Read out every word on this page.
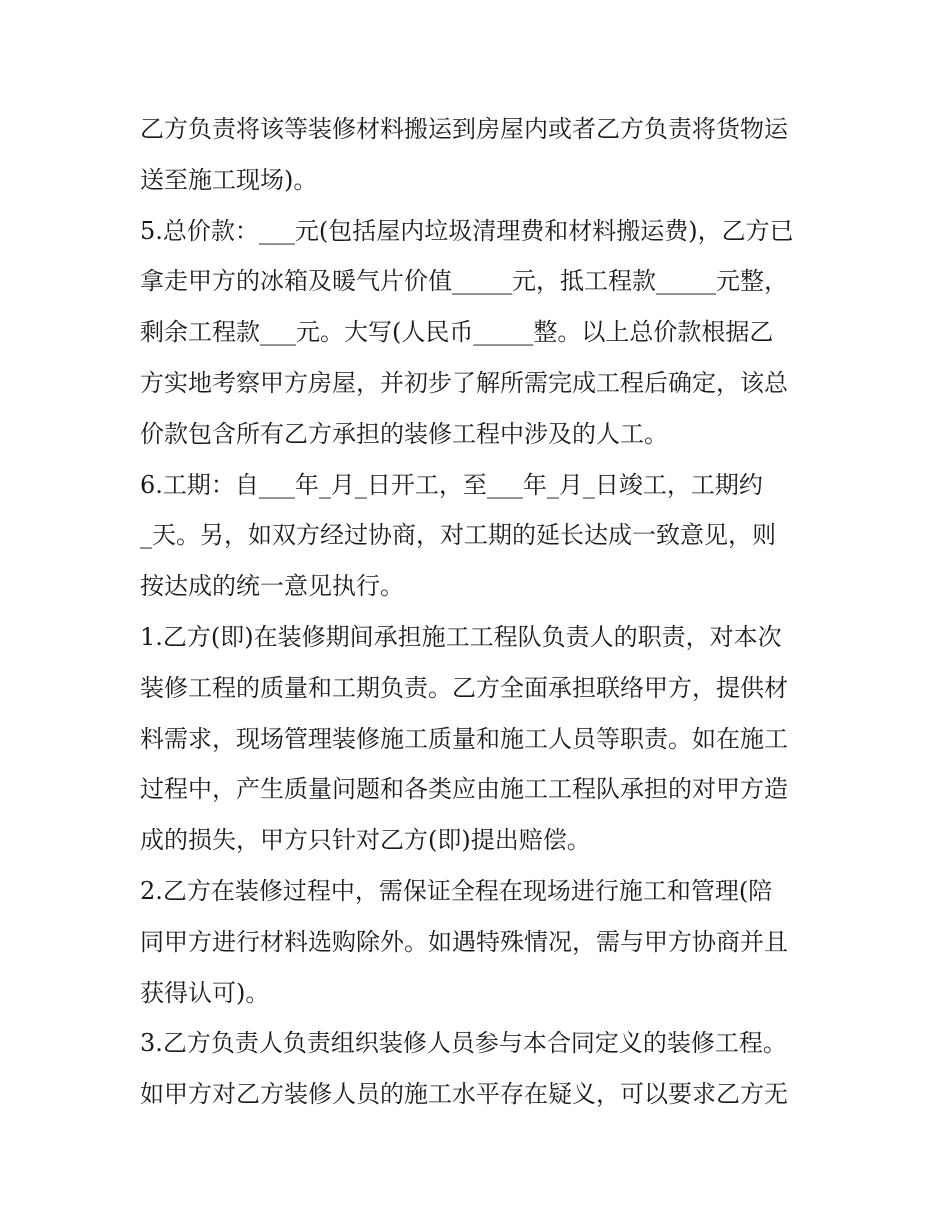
乙方负责将该等装修材料搬运到房屋内或者乙方负责将货物运
送至施工现场)。
5.总价款：___元(包括屋内垃圾清理费和材料搬运费)，乙方已
拿走甲方的冰箱及暖气片价值_____元，抵工程款_____元整，
剩余工程款___元。大写(人民币_____整。以上总价款根据乙
方实地考察甲方房屋，并初步了解所需完成工程后确定，该总
价款包含所有乙方承担的装修工程中涉及的人工。
6.工期：自___年_月_日开工，至___年_月_日竣工，工期约
_天。另，如双方经过协商，对工期的延长达成一致意见，则
按达成的统一意见执行。
1.乙方(即)在装修期间承担施工工程队负责人的职责，对本次
装修工程的质量和工期负责。乙方全面承担联络甲方，提供材
料需求，现场管理装修施工质量和施工人员等职责。如在施工
过程中，产生质量问题和各类应由施工工程队承担的对甲方造
成的损失，甲方只针对乙方(即)提出赔偿。
2.乙方在装修过程中，需保证全程在现场进行施工和管理(陪
同甲方进行材料选购除外。如遇特殊情况，需与甲方协商并且
获得认可)。
3.乙方负责人负责组织装修人员参与本合同定义的装修工程。
如甲方对乙方装修人员的施工水平存在疑义，可以要求乙方无
